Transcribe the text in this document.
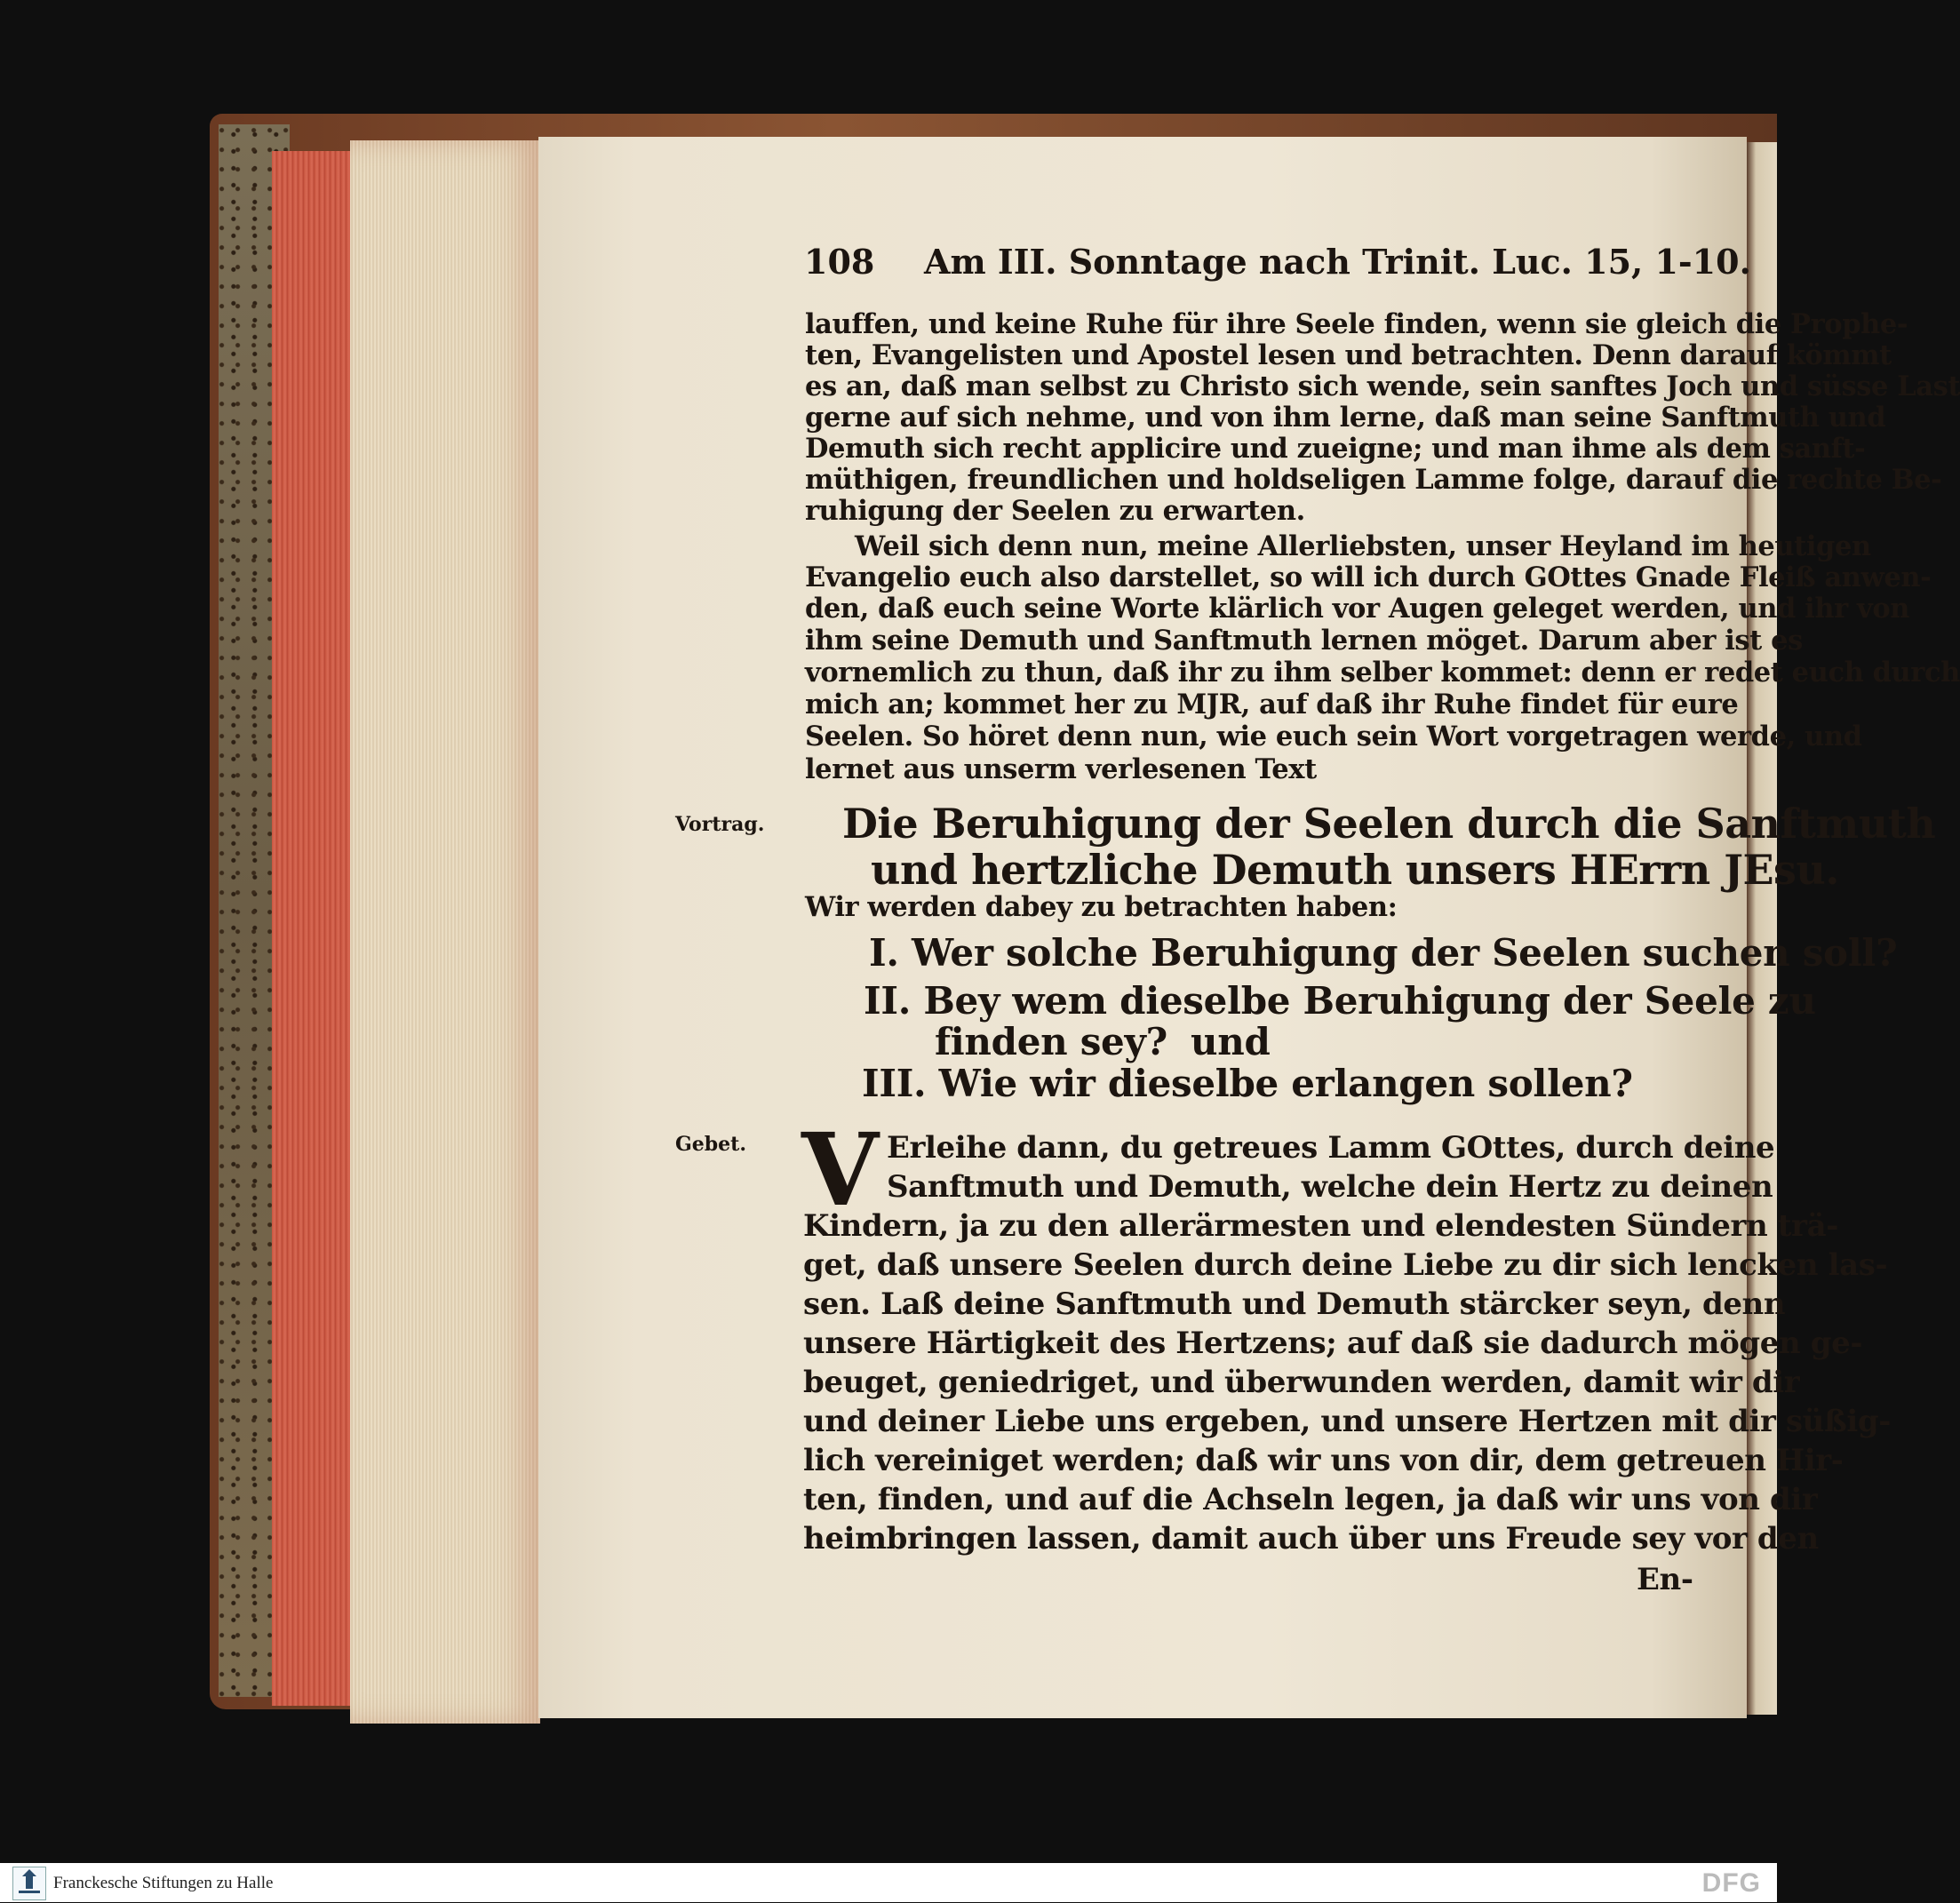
108 Am III. Sonntage nach Trinit. Luc. 15, 1-10.
lauffen, und keine Ruhe für ihre Seele finden, wenn sie gleich die Prophe-
ten, Evangelisten und Apostel lesen und betrachten. Denn darauf kömmt
es an, daß man selbst zu Christo sich wende, sein sanftes Joch und süsse Last
gerne auf sich nehme, und von ihm lerne, daß man seine Sanftmuth und
Demuth sich recht applicire und zueigne; und man ihme als dem sanft-
müthigen, freundlichen und holdseligen Lamme folge, darauf die rechte Be-
ruhigung der Seelen zu erwarten.
Weil sich denn nun, meine Allerliebsten, unser Heyland im heutigen
Evangelio euch also darstellet, so will ich durch GOttes Gnade Fleiß anwen-
den, daß euch seine Worte klärlich vor Augen geleget werden, und ihr von
ihm seine Demuth und Sanftmuth lernen möget. Darum aber ist es
vornemlich zu thun, daß ihr zu ihm selber kommet: denn er redet euch durch
mich an; kommet her zu MJR, auf daß ihr Ruhe findet für eure
Seelen. So höret denn nun, wie euch sein Wort vorgetragen werde, und
lernet aus unserm verlesenen Text
Vortrag. Die Beruhigung der Seelen durch die Sanftmuth
und hertzliche Demuth unsers HErrn JEsu.
Wir werden dabey zu betrachten haben:
I. Wer solche Beruhigung der Seelen suchen soll?
II. Bey wem dieselbe Beruhigung der Seele zu
finden sey? und
III. Wie wir dieselbe erlangen sollen?
Gebet. V Erleihe dann, du getreues Lamm GOttes, durch deine
Sanftmuth und Demuth, welche dein Hertz zu deinen
Kindern, ja zu den allerärmesten und elendesten Sündern trä-
get, daß unsere Seelen durch deine Liebe zu dir sich lencken las-
sen. Laß deine Sanftmuth und Demuth stärcker seyn, denn
unsere Härtigkeit des Hertzens; auf daß sie dadurch mögen ge-
beuget, geniedriget, und überwunden werden, damit wir dir
und deiner Liebe uns ergeben, und unsere Hertzen mit dir süßig-
lich vereiniget werden; daß wir uns von dir, dem getreuen Hir-
ten, finden, und auf die Achseln legen, ja daß wir uns von dir
heimbringen lassen, damit auch über uns Freude sey vor den
En-
Franckesche Stiftungen zu Halle	DFG
